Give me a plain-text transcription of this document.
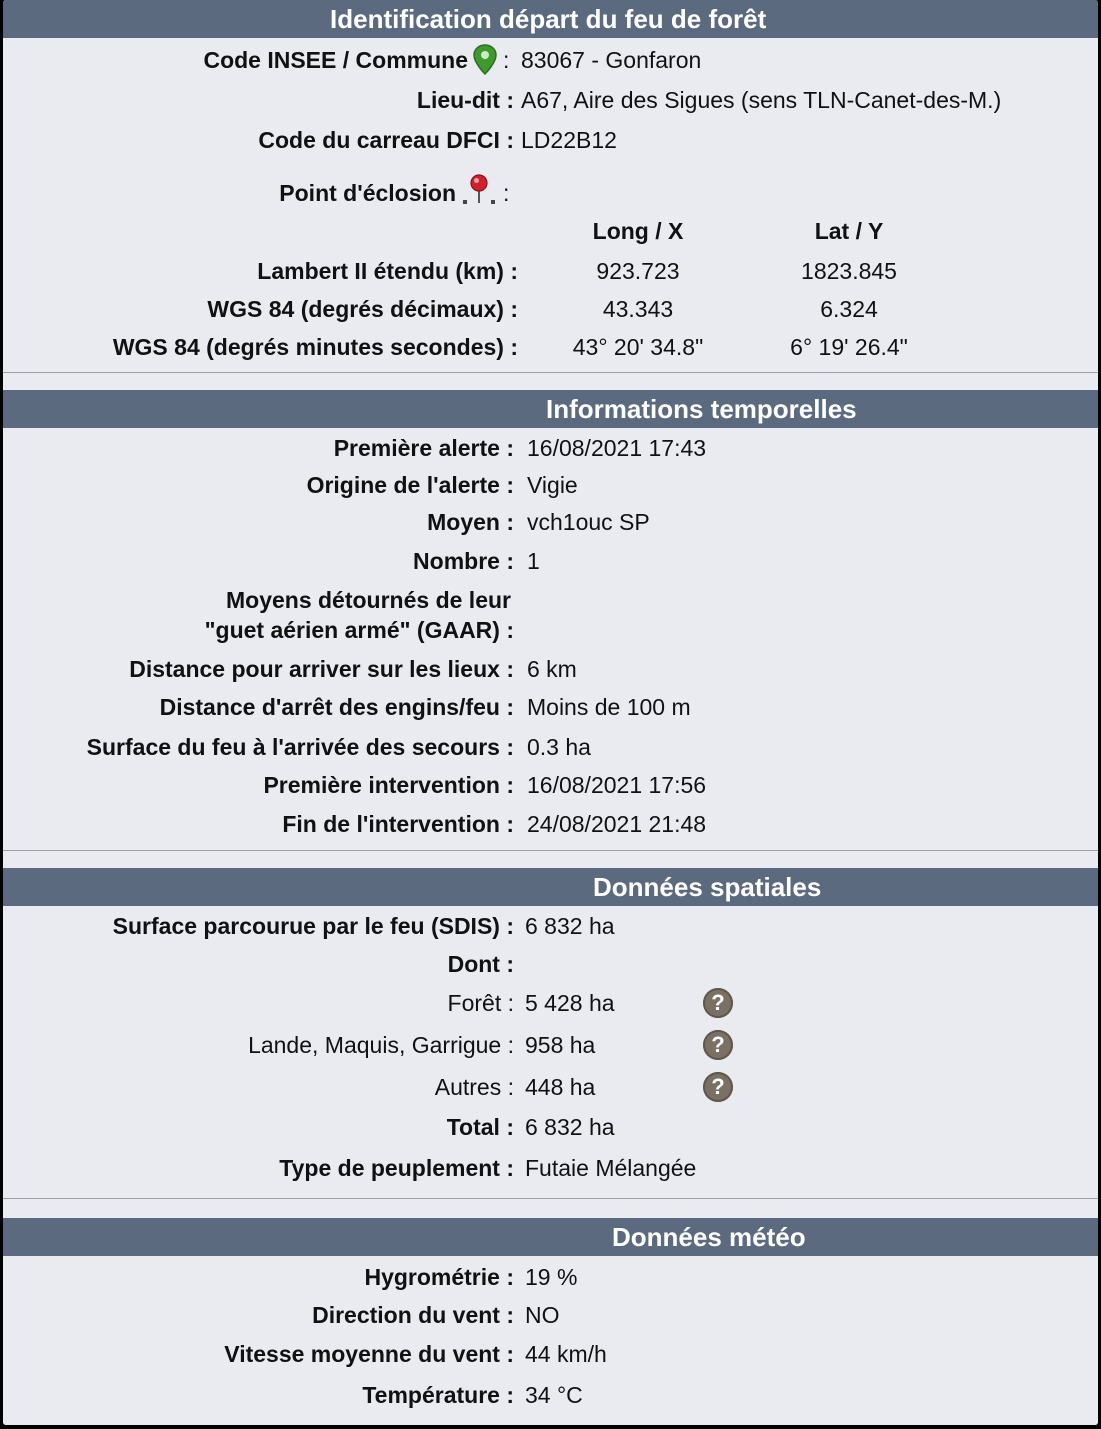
Identification départ du feu de forêt
Code INSEE / Commune : 83067 - Gonfaron
Lieu-dit : A67, Aire des Sigues (sens TLN-Canet-des-M.)
Code du carreau DFCI : LD22B12
Point d'éclosion :
Long / X	Lat / Y
Lambert II étendu (km) :	923.723	1823.845
WGS 84 (degrés décimaux) :	43.343	6.324
WGS 84 (degrés minutes secondes) :	43° 20' 34.8"	6° 19' 26.4"
Informations temporelles
Première alerte : 16/08/2021 17:43
Origine de l'alerte : Vigie
Moyen : vch1ouc SP
Nombre : 1
Moyens détournés de leur
"guet aérien armé" (GAAR) :
Distance pour arriver sur les lieux : 6 km
Distance d'arrêt des engins/feu : Moins de 100 m
Surface du feu à l'arrivée des secours : 0.3 ha
Première intervention : 16/08/2021 17:56
Fin de l'intervention : 24/08/2021 21:48
Données spatiales
Surface parcourue par le feu (SDIS) : 6 832 ha
Dont :
Forêt : 5 428 ha	?
Lande, Maquis, Garrigue : 958 ha	?
Autres : 448 ha	?
Total : 6 832 ha
Type de peuplement : Futaie Mélangée
Données météo
Hygrométrie : 19 %
Direction du vent : NO
Vitesse moyenne du vent : 44 km/h
Température : 34 °C
